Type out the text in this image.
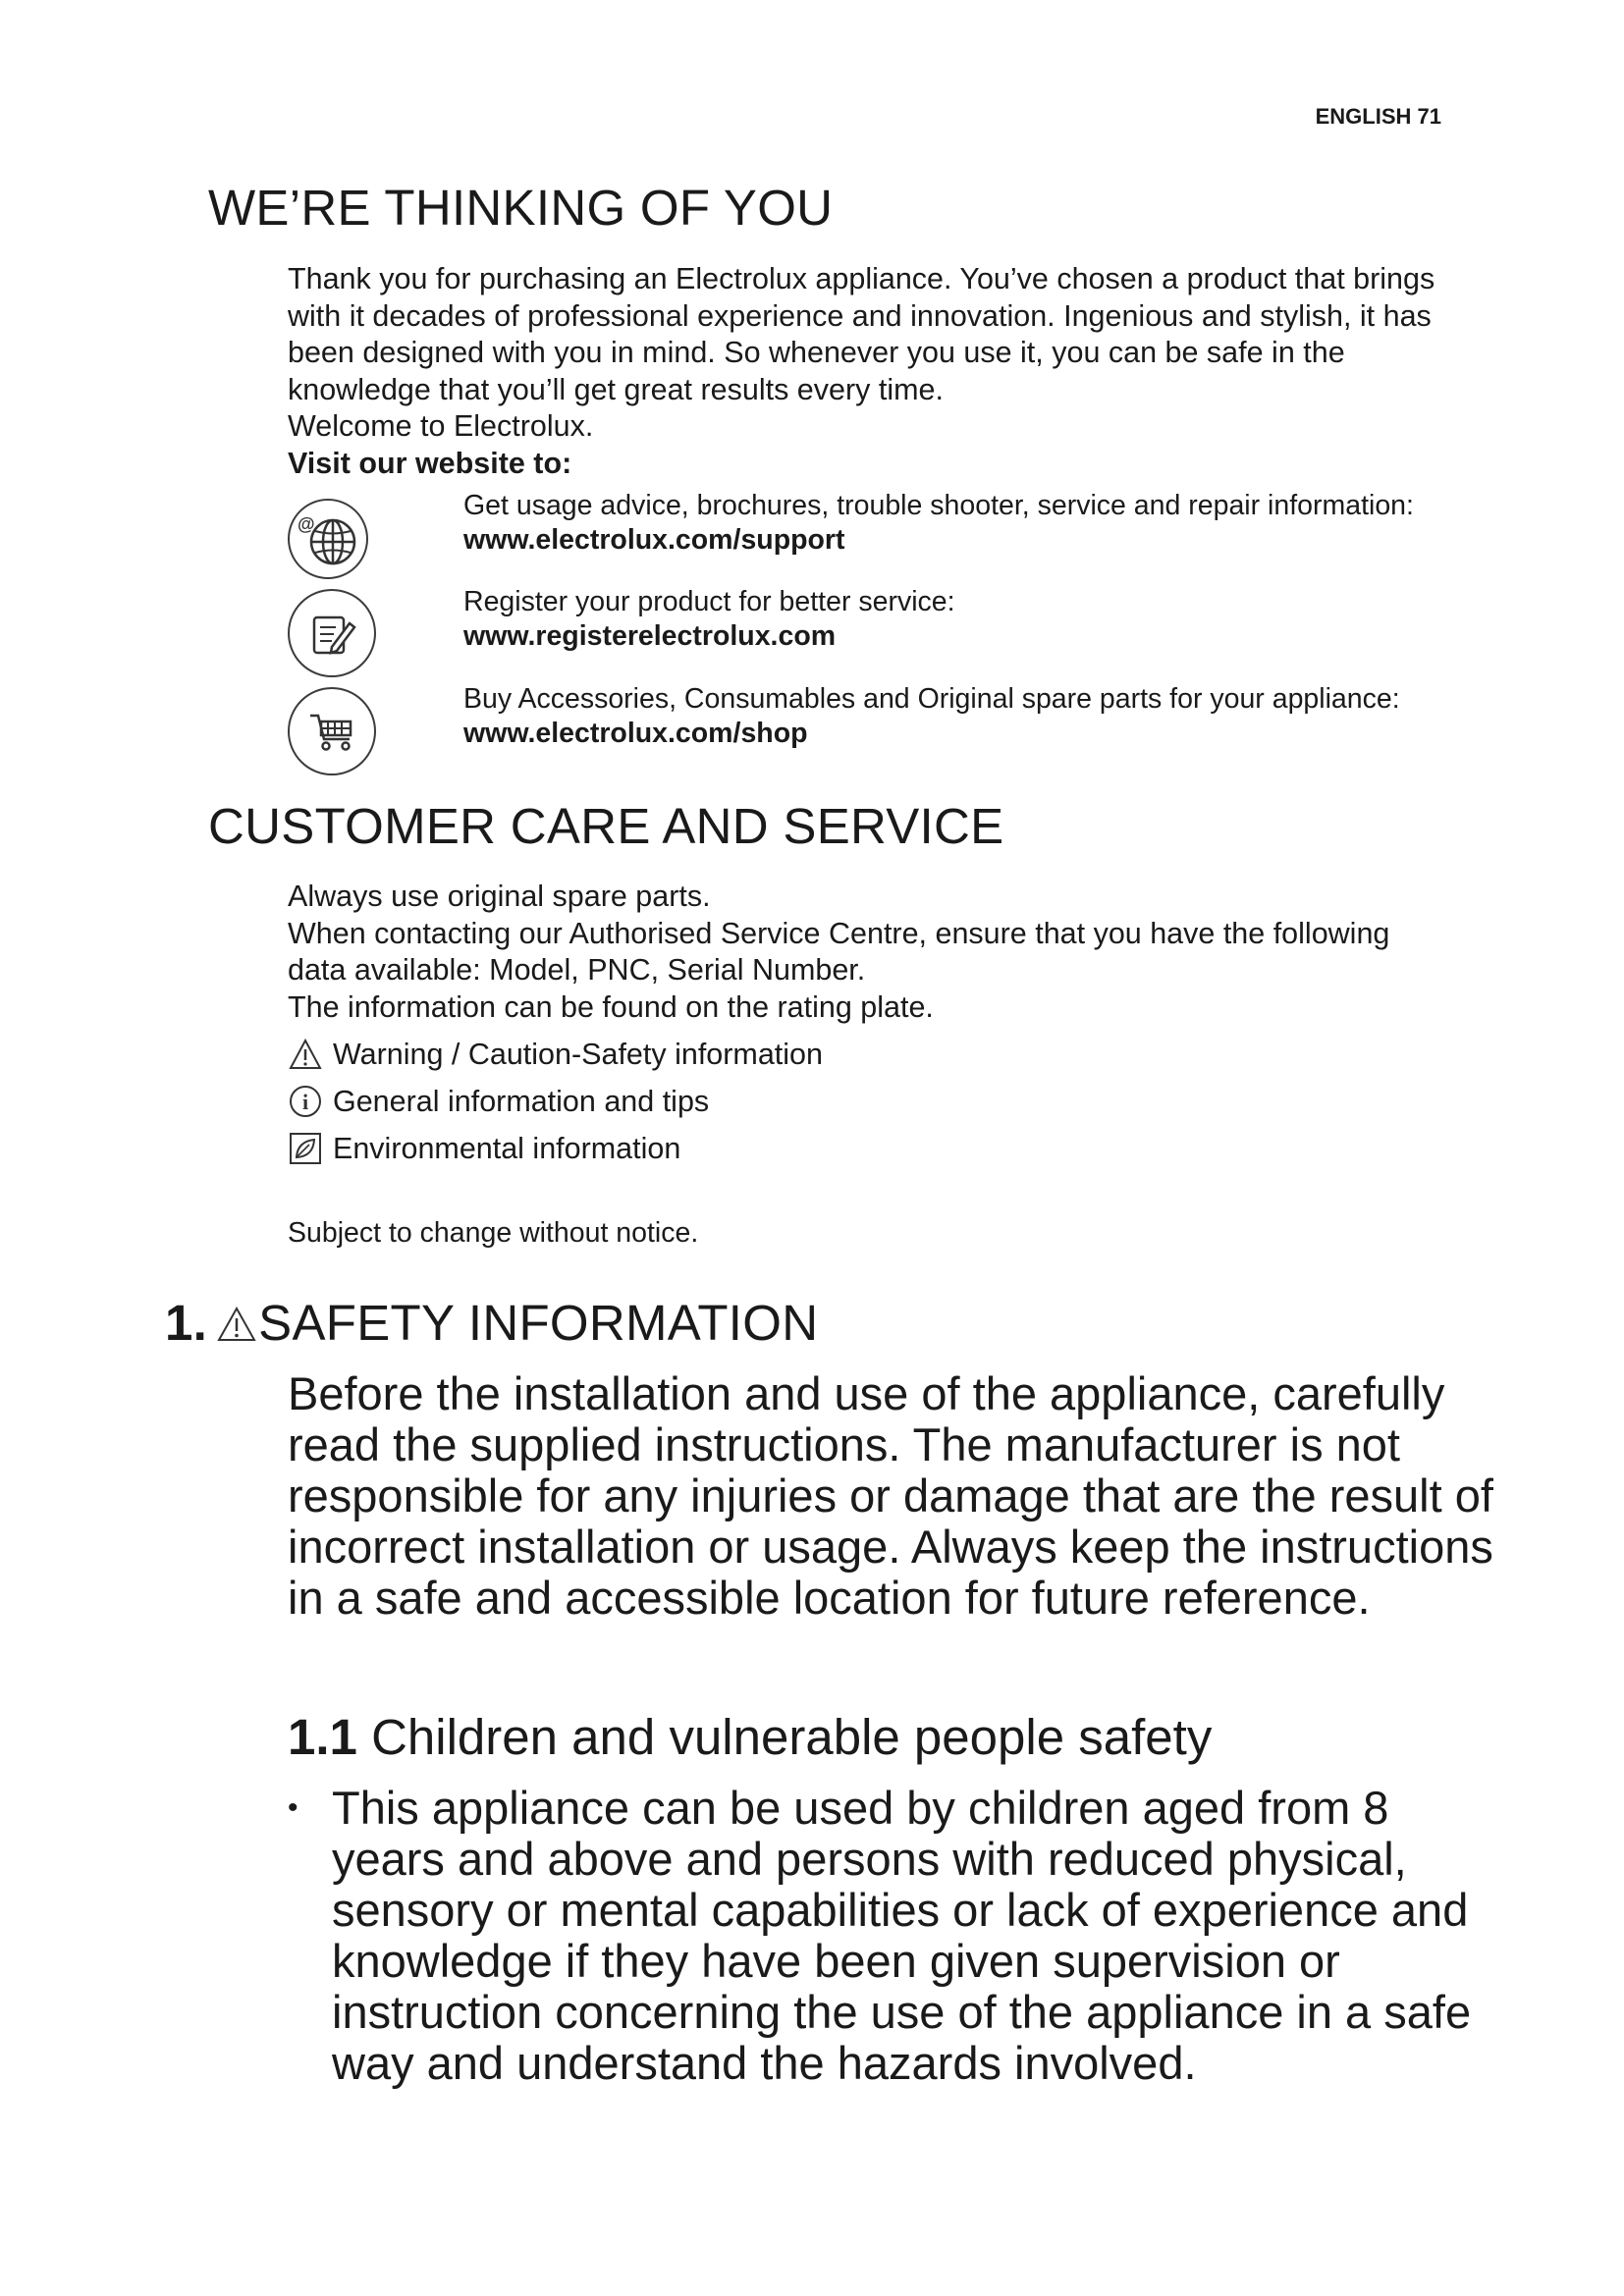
ENGLISH 71
WE’RE THINKING OF YOU

Thank you for purchasing an Electrolux appliance. You’ve chosen a product that brings with it decades of professional experience and innovation. Ingenious and stylish, it has been designed with you in mind. So whenever you use it, you can be safe in the knowledge that you’ll get great results every time.

Welcome to Electrolux.

Visit our website to:

@
Get usage advice, brochures, trouble shooter, service and repair information:
www.electrolux.com/support
Register your product for better service:
www.registerelectrolux.com
Buy Accessories, Consumables and Original spare parts for your appliance:
www.electrolux.com/shop
CUSTOMER CARE AND SERVICE

Always use original spare parts.

When contacting our Authorised Service Centre, ensure that you have the following data available: Model, PNC, Serial Number.

The information can be found on the rating plate.

Warning / Caution-Safety information
i General information and tips
Environmental information
Subject to change without notice.
1. SAFETY INFORMATION

Before the installation and use of the appliance, carefully read the supplied instructions. The manufacturer is not responsible for any injuries or damage that are the result of incorrect installation or usage. Always keep the instructions in a safe and accessible location for future reference.

1.1 Children and vulnerable people safety
• This appliance can be used by children aged from 8 years and above and persons with reduced physical, sensory or mental capabilities or lack of experience and knowledge if they have been given supervision or instruction concerning the use of the appliance in a safe way and understand the hazards involved.
